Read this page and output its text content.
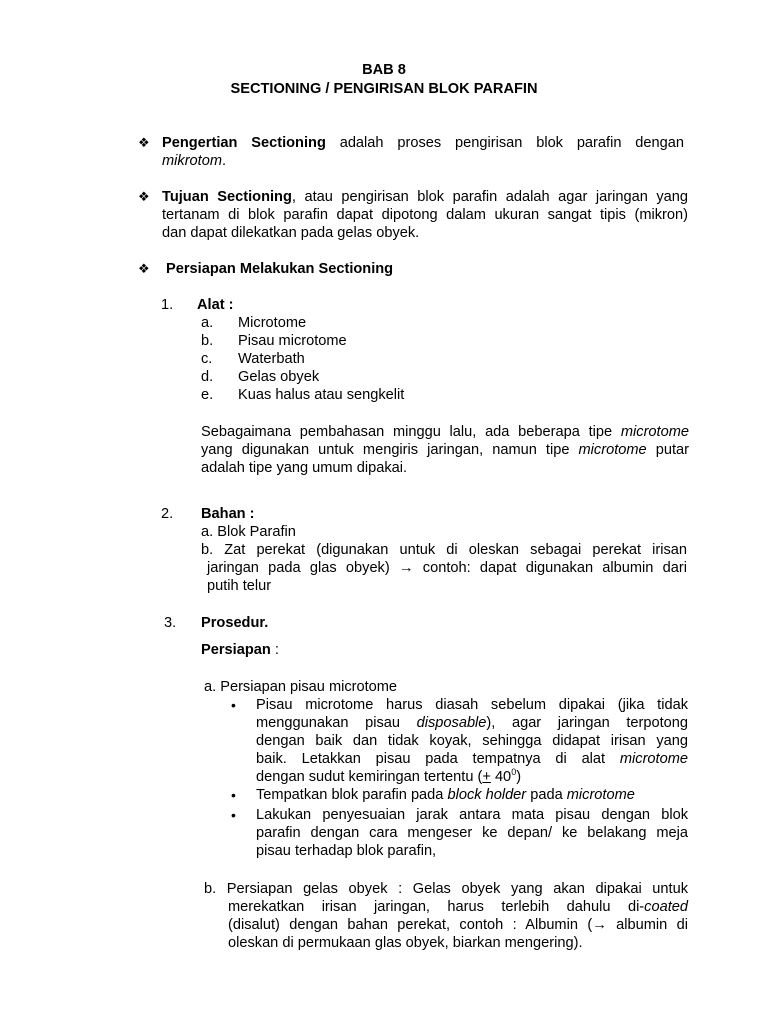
BAB 8
SECTIONING / PENGIRISAN BLOK PARAFIN
❖ Pengertian Sectioning adalah proses pengirisan blok parafin dengan
mikrotom.
❖ Tujuan Sectioning, atau pengirisan blok parafin adalah agar jaringan yang
tertanam di blok parafin dapat dipotong dalam ukuran sangat tipis (mikron)
dan dapat dilekatkan pada gelas obyek.
❖ Persiapan Melakukan Sectioning
1. Alat :
a. Microtome
b. Pisau microtome
c. Waterbath
d. Gelas obyek
e. Kuas halus atau sengkelit
Sebagaimana pembahasan minggu lalu, ada beberapa tipe microtome
yang digunakan untuk mengiris jaringan, namun tipe microtome putar
adalah tipe yang umum dipakai.
2. Bahan :
a. Blok Parafin
b. Zat perekat (digunakan untuk di oleskan sebagai perekat irisan
jaringan pada glas obyek) → contoh: dapat digunakan albumin dari
putih telur
3. Prosedur.
Persiapan :
a. Persiapan pisau microtome
• Pisau microtome harus diasah sebelum dipakai (jika tidak
menggunakan pisau disposable), agar jaringan terpotong
dengan baik dan tidak koyak, sehingga didapat irisan yang
baik. Letakkan pisau pada tempatnya di alat microtome
dengan sudut kemiringan tertentu (+ $40^0$)
• Tempatkan blok parafin pada block holder pada microtome
• Lakukan penyesuaian jarak antara mata pisau dengan blok
parafin dengan cara mengeser ke depan/ ke belakang meja
pisau terhadap blok parafin,
b. Persiapan gelas obyek : Gelas obyek yang akan dipakai untuk
merekatkan irisan jaringan, harus terlebih dahulu di-coated
(disalut) dengan bahan perekat, contoh : Albumin (→ albumin di
oleskan di permukaan glas obyek, biarkan mengering).
